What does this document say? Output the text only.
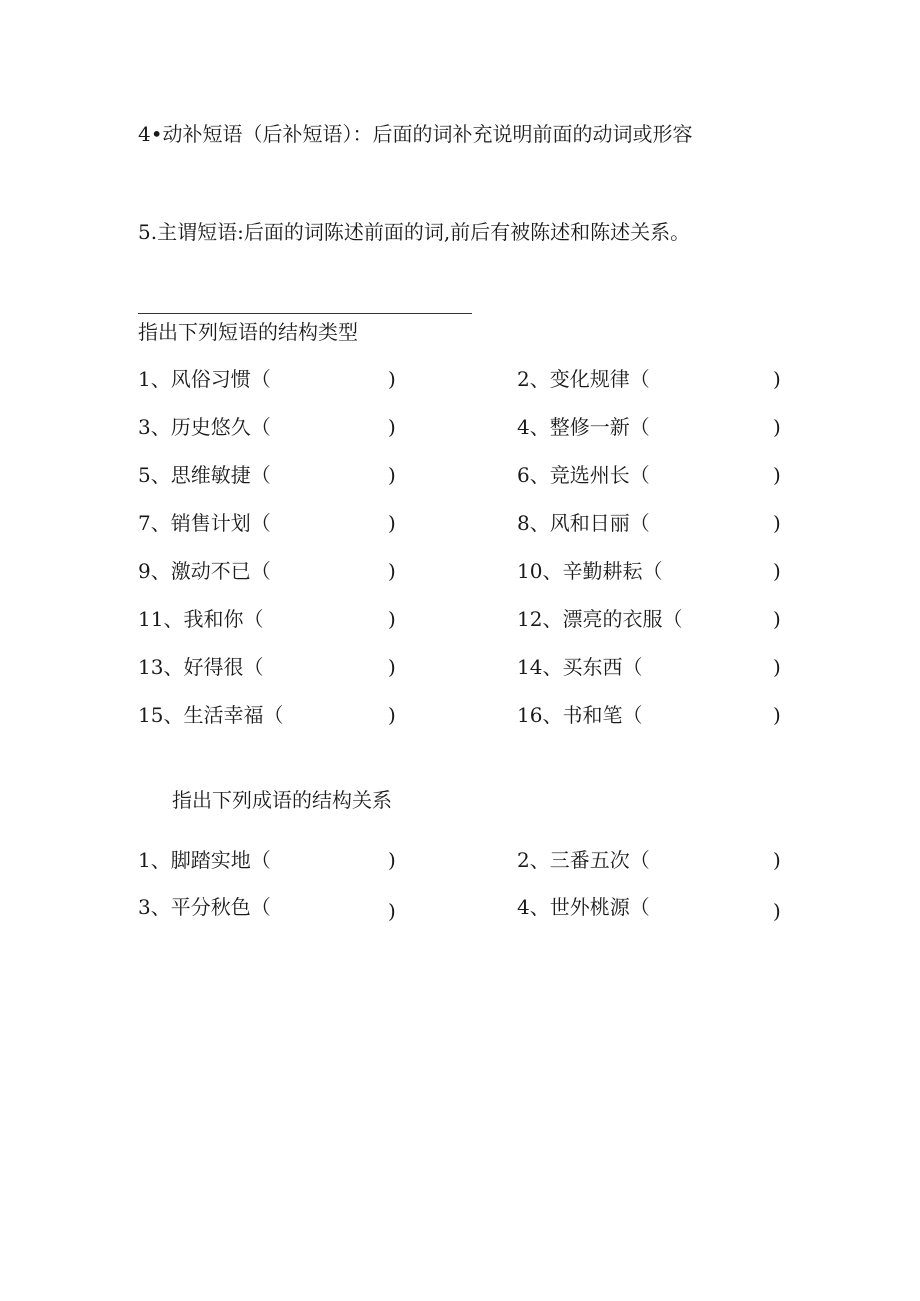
4•动补短语（后补短语）：后面的词补充说明前面的动词或形容
5.主谓短语:后面的词陈述前面的词,前后有被陈述和陈述关系。
指出下列短语的结构类型
1、风俗习惯（	)	2、变化规律（	)
3、历史悠久（	)	4、整修一新（	)
5、思维敏捷（	)	6、竞选州长（	)
7、销售计划（	)	8、风和日丽（	)
9、激动不已（	)	10、辛勤耕耘（	)
11、我和你（	)	12、漂亮的衣服（	)
13、好得很（	)	14、买东西（	)
15、生活幸福（	)	16、书和笔（	)
指出下列成语的结构关系
1、脚踏实地（	)	2、三番五次（	)
3、平分秋色（	)	4、世外桃源（	)
